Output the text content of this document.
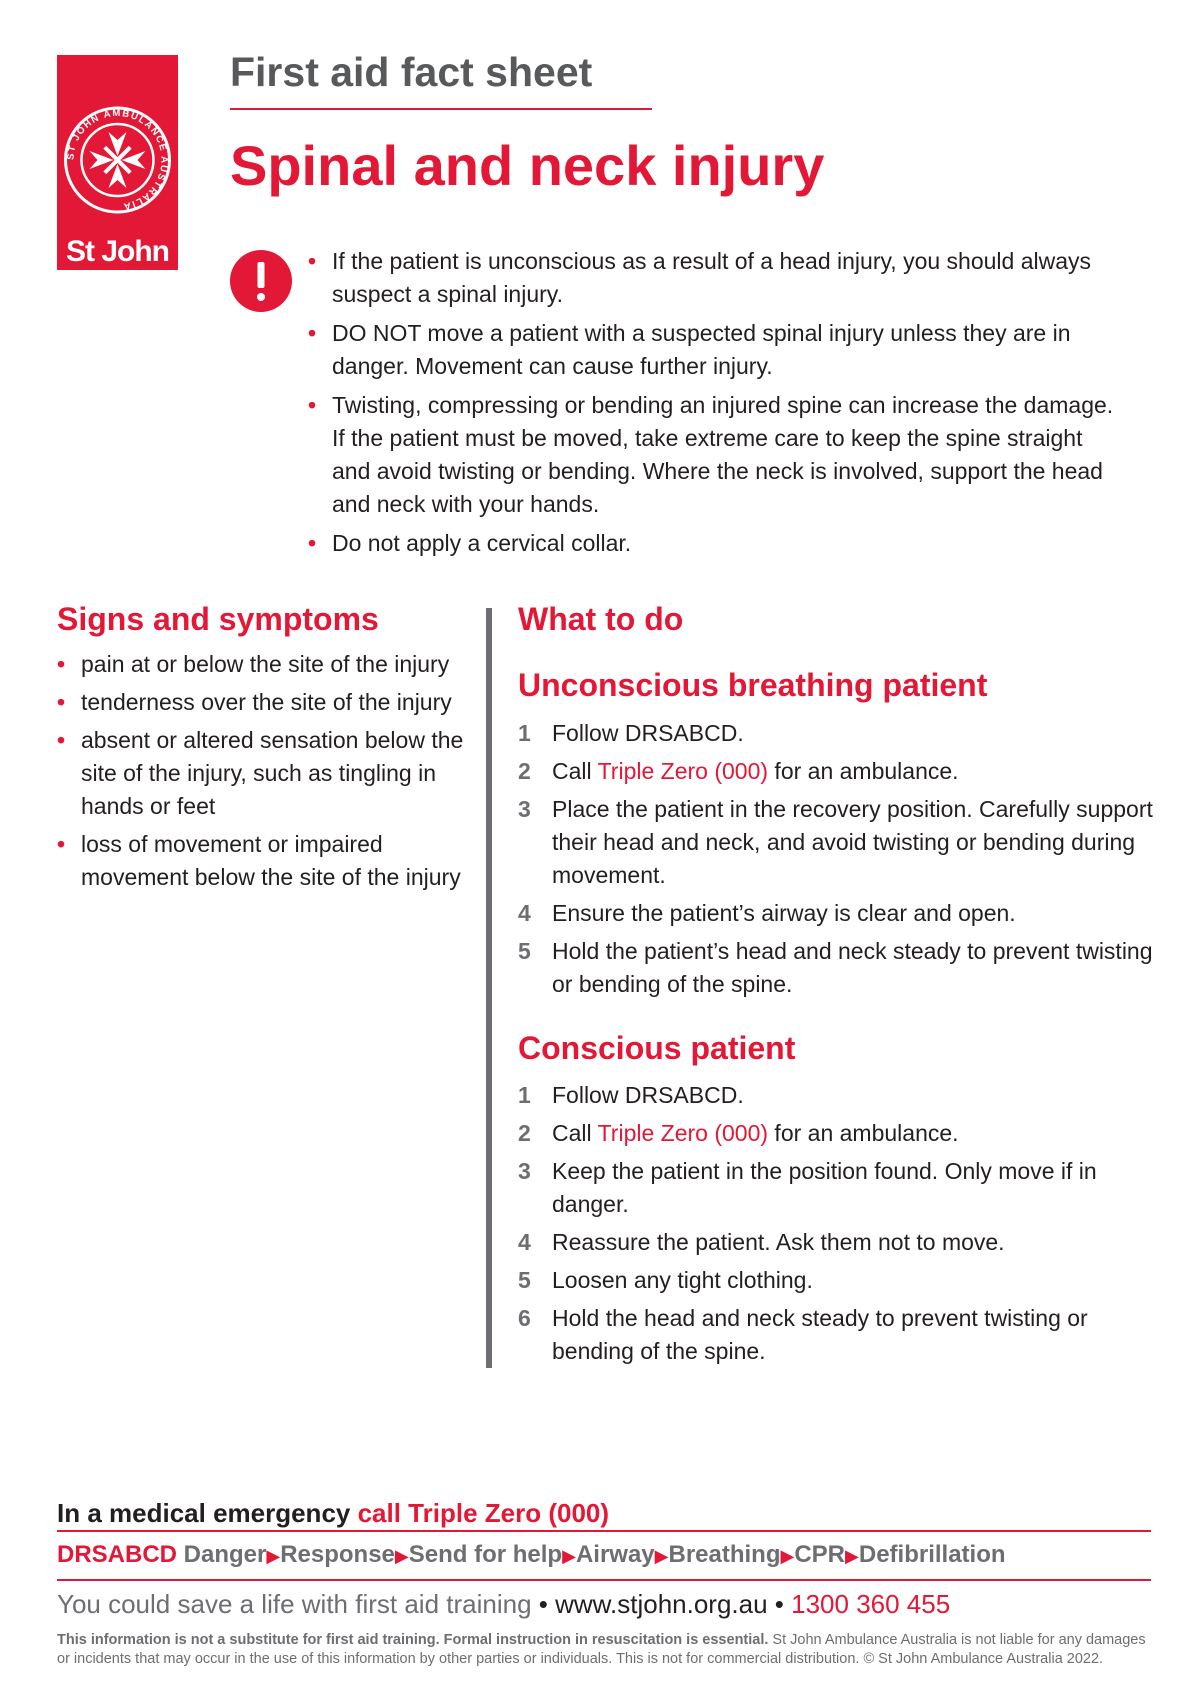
ST JOHN AMBULANCE AUSTRALIA
St John
First aid fact sheet
Spinal and neck injury
• If the patient is unconscious as a result of a head injury, you should always suspect a spinal injury.
• DO NOT move a patient with a suspected spinal injury unless they are in danger. Movement can cause further injury.
• Twisting, compressing or bending an injured spine can increase the damage. If the patient must be moved, take extreme care to keep the spine straight and avoid twisting or bending. Where the neck is involved, support the head and neck with your hands.
• Do not apply a cervical collar.
Signs and symptoms
• pain at or below the site of the injury
• tenderness over the site of the injury
• absent or altered sensation below the site of the injury, such as tingling in hands or feet
• loss of movement or impaired movement below the site of the injury
What to do
Unconscious breathing patient
1 Follow DRSABCD.
2 Call Triple Zero (000) for an ambulance.
3 Place the patient in the recovery position. Carefully support their head and neck, and avoid twisting or bending during movement.
4 Ensure the patient’s airway is clear and open.
5 Hold the patient’s head and neck steady to prevent twisting or bending of the spine.
Conscious patient
1 Follow DRSABCD.
2 Call Triple Zero (000) for an ambulance.
3 Keep the patient in the position found. Only move if in danger.
4 Reassure the patient. Ask them not to move.
5 Loosen any tight clothing.
6 Hold the head and neck steady to prevent twisting or bending of the spine.

In a medical emergency call Triple Zero (000)

DRSABCD Danger▶Response▶Send for help▶Airway▶Breathing▶CPR▶Defibrillation

You could save a life with first aid training • www.stjohn.org.au • 1300 360 455

This information is not a substitute for first aid training. Formal instruction in resuscitation is essential. St John Ambulance Australia is not liable for any damages or incidents that may occur in the use of this information by other parties or individuals. This is not for commercial distribution. © St John Ambulance Australia 2022.
